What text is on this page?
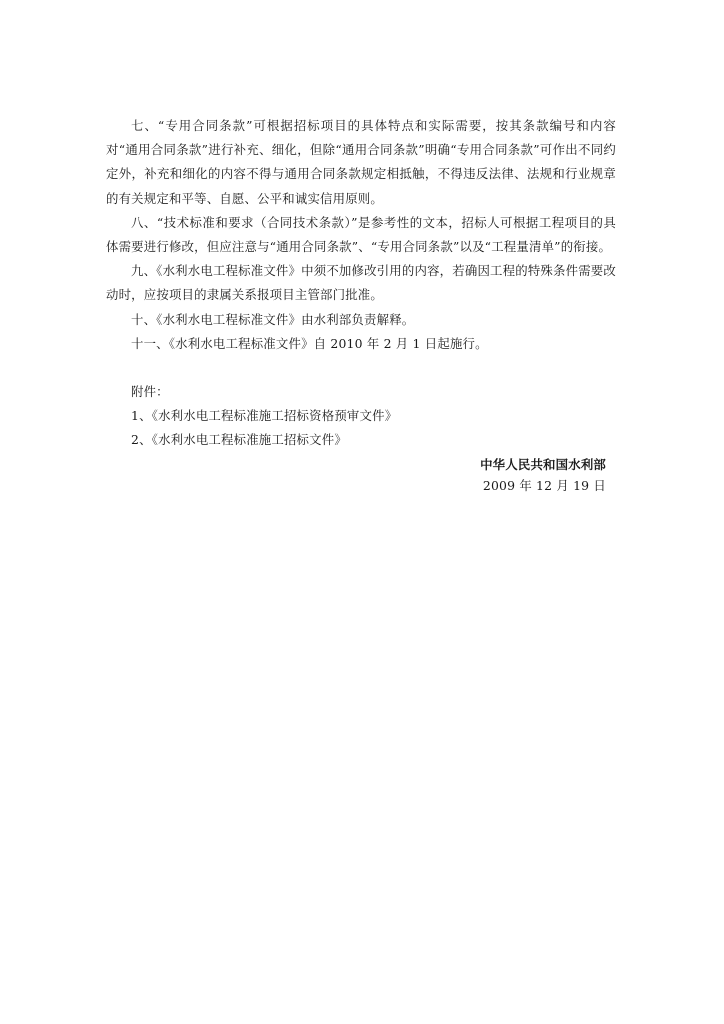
七、“专用合同条款”可根据招标项目的具体特点和实际需要，按其条款编号和内容对“通用合同条款”进行补充、细化，但除“通用合同条款”明确“专用合同条款”可作出不同约定外，补充和细化的内容不得与通用合同条款规定相抵触，不得违反法律、法规和行业规章的有关规定和平等、自愿、公平和诚实信用原则。

八、“技术标准和要求（合同技术条款）”是参考性的文本，招标人可根据工程项目的具体需要进行修改，但应注意与“通用合同条款”、“专用合同条款”以及“工程量清单”的衔接。

九、《水利水电工程标准文件》中须不加修改引用的内容，若确因工程的特殊条件需要改动时，应按项目的隶属关系报项目主管部门批准。

十、《水利水电工程标准文件》由水利部负责解释。

十一、《水利水电工程标准文件》自 2010 年 2 月 1 日起施行。

附件：

1、《水利水电工程标准施工招标资格预审文件》

2、《水利水电工程标准施工招标文件》

中华人民共和国水利部
2009 年 12 月 19 日
